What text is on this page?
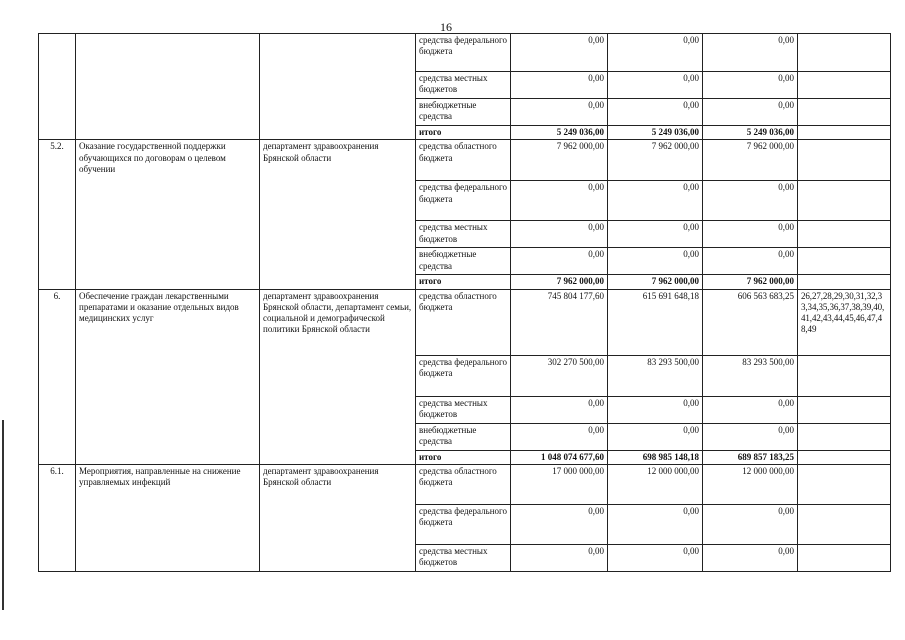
16
			средства федерального бюджета	0,00	0,00	0,00	
			средства местных бюджетов	0,00	0,00	0,00	
			внебюджетные средства	0,00	0,00	0,00	
			итого	5 249 036,00	5 249 036,00	5 249 036,00	
5.2.	Оказание государственной поддержки обучающихся по договорам о целевом обучении	департамент здравоохранения Брянской области	средства областного бюджета	7 962 000,00	7 962 000,00	7 962 000,00	
			средства федерального бюджета	0,00	0,00	0,00	
			средства местных бюджетов	0,00	0,00	0,00	
			внебюджетные средства	0,00	0,00	0,00	
			итого	7 962 000,00	7 962 000,00	7 962 000,00	
6.	Обеспечение граждан лекарственными препаратами и оказание отдельных видов медицинских услуг	департамент здравоохранения Брянской области, департамент семьи, социальной и демографической политики Брянской области	средства областного бюджета	745 804 177,60	615 691 648,18	606 563 683,25	26,27,28,29,30,31,32,33,34,35,36,37,38,39,40,41,42,43,44,45,46,47,48,49
			средства федерального бюджета	302 270 500,00	83 293 500,00	83 293 500,00	
			средства местных бюджетов	0,00	0,00	0,00	
			внебюджетные средства	0,00	0,00	0,00	
			итого	1 048 074 677,60	698 985 148,18	689 857 183,25	
6.1.	Мероприятия, направленные на снижение управляемых инфекций	департамент здравоохранения Брянской области	средства областного бюджета	17 000 000,00	12 000 000,00	12 000 000,00	
			средства федерального бюджета	0,00	0,00	0,00	
			средства местных бюджетов	0,00	0,00	0,00	
